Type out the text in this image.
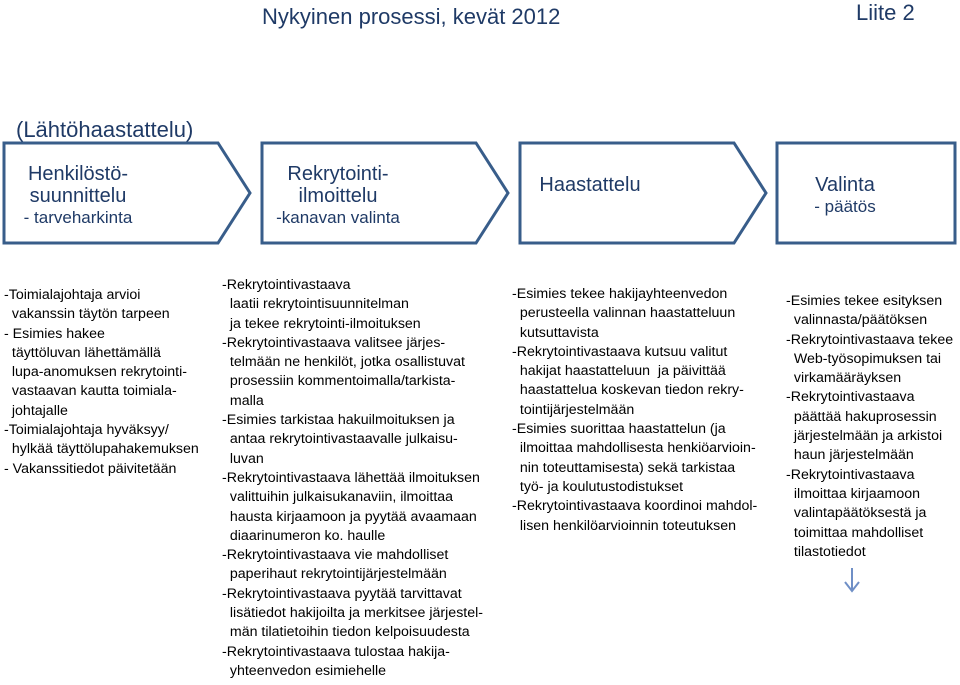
Nykyinen prosessi, kevät 2012	Liite 2
(Lähtöhaastattelu)
Henkilöstö-
suunnittelu
- tarveharkinta
Rekrytointi-
ilmoittelu
-kanavan valinta
Haastattelu	Valinta
- päätös
-Toimialajohtaja arvioi
vakanssin täytön tarpeen
- Esimies hakee
täyttöluvan lähettämällä
lupa-anomuksen rekrytointi-
vastaavan kautta toimiala-
johtajalle
-Toimialajohtaja hyväksyy/
hylkää täyttölupahakemuksen
- Vakanssitiedot päivitetään
-Rekrytointivastaava
laatii rekrytointisuunnitelman
ja tekee rekrytointi-ilmoituksen
-Rekrytointivastaava valitsee järjes-
telmään ne henkilöt, jotka osallistuvat
prosessiin kommentoimalla/tarkista-
malla
-Esimies tarkistaa hakuilmoituksen ja
antaa rekrytointivastaavalle julkaisu-
luvan
-Rekrytointivastaava lähettää ilmoituksen
valittuihin julkaisukanaviin, ilmoittaa
hausta kirjaamoon ja pyytää avaamaan
diaarinumeron ko. haulle
-Rekrytointivastaava vie mahdolliset
paperihaut rekrytointijärjestelmään
-Rekrytointivastaava pyytää tarvittavat
lisätiedot hakijoilta ja merkitsee järjestel-
män tilatietoihin tiedon kelpoisuudesta
-Rekrytointivastaava tulostaa hakija-
yhteenvedon esimiehelle
-Esimies tekee hakijayhteenvedon
perusteella valinnan haastatteluun
kutsuttavista
-Rekrytointivastaava kutsuu valitut
hakijat haastatteluun  ja päivittää
haastattelua koskevan tiedon rekry-
tointijärjestelmään
-Esimies suorittaa haastattelun (ja
ilmoittaa mahdollisesta henkiöarvioin-
nin toteuttamisesta) sekä tarkistaa
työ- ja koulutustodistukset
-Rekrytointivastaava koordinoi mahdol-
lisen henkilöarvioinnin toteutuksen
-Esimies tekee esityksen
valinnasta/päätöksen
-Rekrytointivastaava tekee
Web-työsopimuksen tai
virkamääräyksen
-Rekrytointivastaava
päättää hakuprosessin
järjestelmään ja arkistoi
haun järjestelmään
-Rekrytointivastaava
ilmoittaa kirjaamoon
valintapäätöksestä ja
toimittaa mahdolliset
tilastotiedot
